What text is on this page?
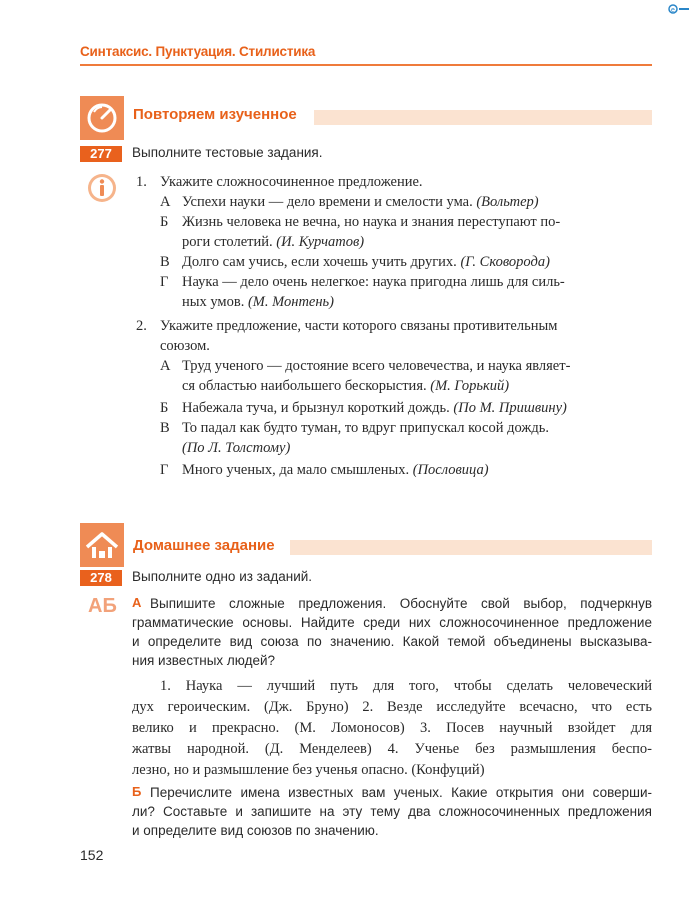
e
Синтаксис. Пунктуация. Стилистика
Повторяем изученное
277	Выполните тестовые задания.
1. Укажите сложносочиненное предложение.
А Успехи науки — дело времени и смелости ума. (Вольтер)
Б Жизнь человека не вечна, но наука и знания переступают по-
роги столетий. (И. Курчатов)
В Долго сам учись, если хочешь учить других. (Г. Сковорода)
Г Наука — дело очень нелегкое: наука пригодна лишь для силь-
ных умов. (М. Монтень)
2. Укажите предложение, части которого связаны противительным
союзом.
А Труд ученого — достояние всего человечества, и наука являет-
ся областью наибольшего бескорыстия. (М. Горький)
Б Набежала туча, и брызнул короткий дождь. (По М. Пришвину)
В То падал как будто туман, то вдруг припускал косой дождь.
(По Л. Толстому)
Г Много ученых, да мало смышленых. (Пословица)
Домашнее задание
278	Выполните одно из заданий.
АБ А Выпишите сложные предложения. Обоснуйте свой выбор, подчеркнув
грамматические основы. Найдите среди них сложносочиненное предложение
и определите вид союза по значению. Какой темой объединены высказыва-
ния известных людей?
1. Наука — лучший путь для того, чтобы сделать человеческий
дух героическим. (Дж. Бруно) 2. Везде исследуйте всечасно, что есть
велико и прекрасно. (М. Ломоносов) 3. Посев научный взойдет для
жатвы народной. (Д. Менделеев) 4. Ученье без размышления беспо-
лезно, но и размышление без ученья опасно. (Конфуций)
Б Перечислите имена известных вам ученых. Какие открытия они соверши-
ли? Составьте и запишите на эту тему два сложносочиненных предложения
и определите вид союзов по значению.
152
